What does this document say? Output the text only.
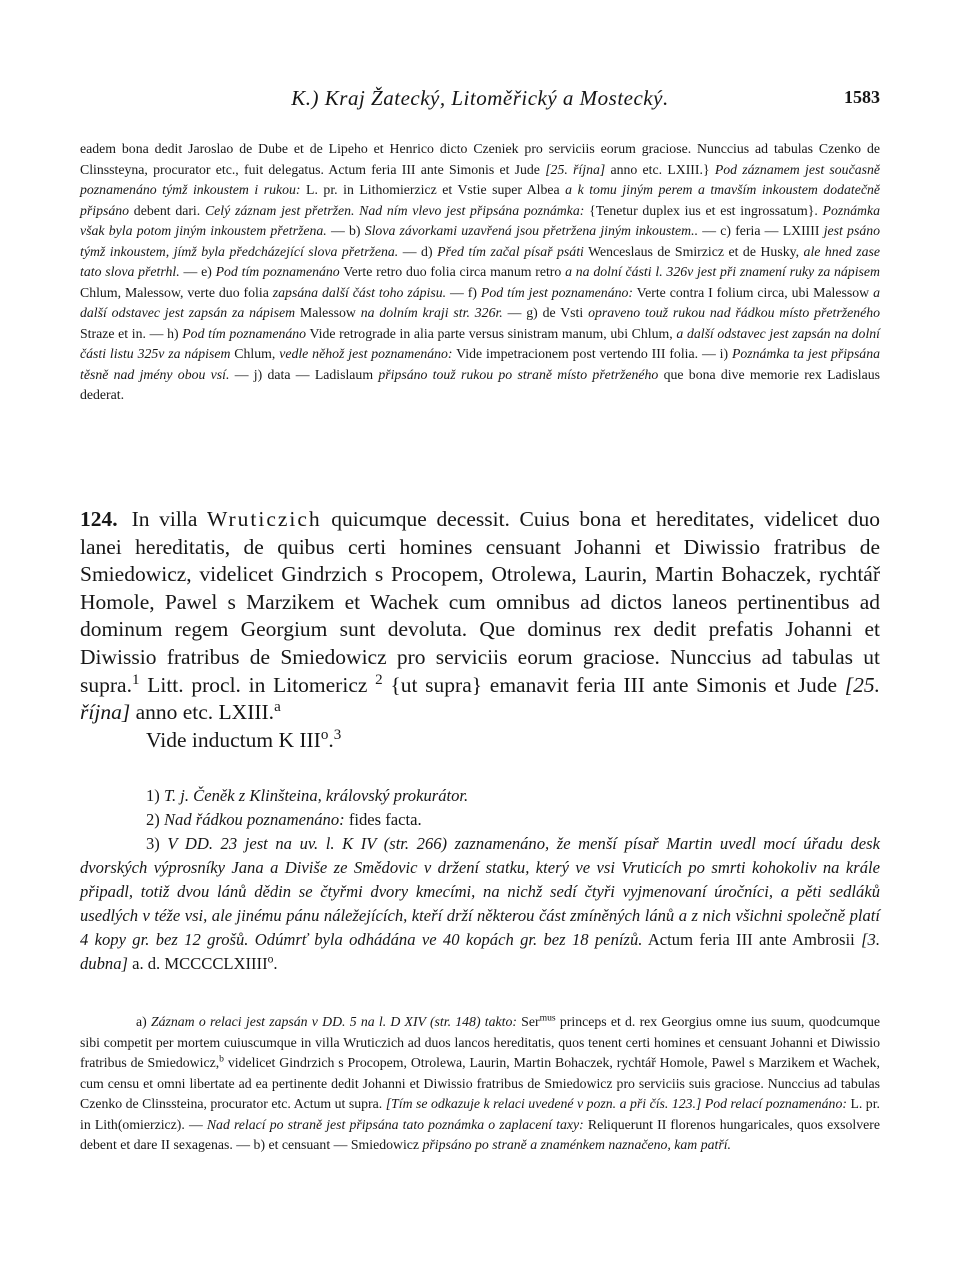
K.) Kraj Žatecký, Litoměřický a Mostecký.	1583
eadem bona dedit Jaroslao de Dube et de Lipeho et Henrico dicto Czeniek pro serviciis eorum graciose. Nunccius ad tabulas Czenko de Clinssteyna, procurator etc., fuit delegatus. Actum feria III ante Simonis et Jude [25. října] anno etc. LXIII.} Pod záznamem jest současně poznamenáno týmž inkoustem i rukou: L. pr. in Lithomierzicz et Vstie super Albea a k tomu jiným perem a tmavším inkoustem dodatečně připsáno debent dari. Celý záznam jest přetržen. Nad ním vlevo jest připsána poznámka: {Tenetur duplex ius et est ingrossatum}. Poznámka však byla potom jiným inkoustem přetržena. — b) Slova závorkami uzavřená jsou přetržena jiným inkoustem.. — c) feria — LXIIII jest psáno týmž inkoustem, jímž byla předcházející slova přetržena. — d) Před tím začal písař psáti Wenceslaus de Smirzicz et de Husky, ale hned zase tato slova přetrhl. — e) Pod tím poznamenáno Verte retro duo folia circa manum retro a na dolní části l. 326v jest při znamení ruky za nápisem Chlum, Malessow, verte duo folia zapsána další část toho zápisu. — f) Pod tím jest poznamenáno: Verte contra I folium circa, ubi Malessow a další odstavec jest zapsán za nápisem Malessow na dolním kraji str. 326r. — g) de Vsti opraveno touž rukou nad řádkou místo přetrženého Straze et in. — h) Pod tím poznamenáno Vide retrograde in alia parte versus sinistram manum, ubi Chlum, a další odstavec jest zapsán na dolní části listu 325v za nápisem Chlum, vedle něhož jest poznamenáno: Vide impetracionem post vertendo III folia. — i) Poznámka ta jest připsána těsně nad jmény obou vsí. — j) data — Ladislaum připsáno touž rukou po straně místo přetrženého que bona dive memorie rex Ladislaus dederat.
124. In villa Wruticzich quicumque decessit. Cuius bona et hereditates, videlicet duo lanei hereditatis, de quibus certi homines censuant Johanni et Diwissio fratribus de Smiedowicz, videlicet Gindrzich s Procopem, Otrolewa, Laurin, Martin Bohaczek, rychtář Homole, Pawel s Marzikem et Wachek cum omnibus ad dictos laneos pertinentibus ad dominum regem Georgium sunt devoluta. Que dominus rex dedit prefatis Johanni et Diwissio fratribus de Smiedowicz pro serviciis eorum graciose. Nunccius ad tabulas ut supra.$^1$ Litt. procl. in Litomericz $^2$ {ut supra} emanavit feria III ante Simonis et Jude [25. října] anno etc. LXIII.$^a$
Vide inductum K III$^o$.$^3$
1) T. j. Čeněk z Klinšteina, královský prokurátor.
2) Nad řádkou poznamenáno: fides facta.
3) V DD. 23 jest na uv. l. K IV (str. 266) zaznamenáno, že menší písař Martin uvedl mocí úřadu desk dvorských výprosníky Jana a Diviše ze Smědovic v držení statku, který ve vsi Vruticích po smrti kohokoliv na krále připadl, totiž dvou lánů dědin se čtyřmi dvory kmecími, na nichž sedí čtyři vyjmenovaní úročníci, a pěti sedláků usedlých v téže vsi, ale jinému pánu náležejících, kteří drží některou část zmíněných lánů a z nich všichni společně platí 4 kopy gr. bez 12 grošů. Odúmrť byla odhádána ve 40 kopách gr. bez 18 penízů. Actum feria III ante Ambrosii [3. dubna] a. d. MCCCCLXIIII$^o$.
a) Záznam o relaci jest zapsán v DD. 5 na l. D XIV (str. 148) takto: Ser$^{mus}$ princeps et d. rex Georgius omne ius suum, quodcumque sibi competit per mortem cuiuscumque in villa Wruticzich ad duos lancos hereditatis, quos tenent certi homines et censuant Johanni et Diwissio fratribus de Smiedowicz,$^b$ videlicet Gindrzich s Procopem, Otrolewa, Laurin, Martin Bohaczek, rychtář Homole, Pawel s Marzikem et Wachek, cum censu et omni libertate ad ea pertinente dedit Johanni et Diwissio fratribus de Smiedowicz pro serviciis suis graciose. Nunccius ad tabulas Czenko de Clinssteina, procurator etc. Actum ut supra. [Tím se odkazuje k relaci uvedené v pozn. a při čís. 123.] Pod relací poznamenáno: L. pr. in Lith(omierzicz). — Nad relací po straně jest připsána tato poznámka o zaplacení taxy: Reliquerunt II florenos hungaricales, quos exsolvere debent et dare II sexagenas. — b) et censuant — Smiedowicz připsáno po straně a znaménkem naznačeno, kam patří.
